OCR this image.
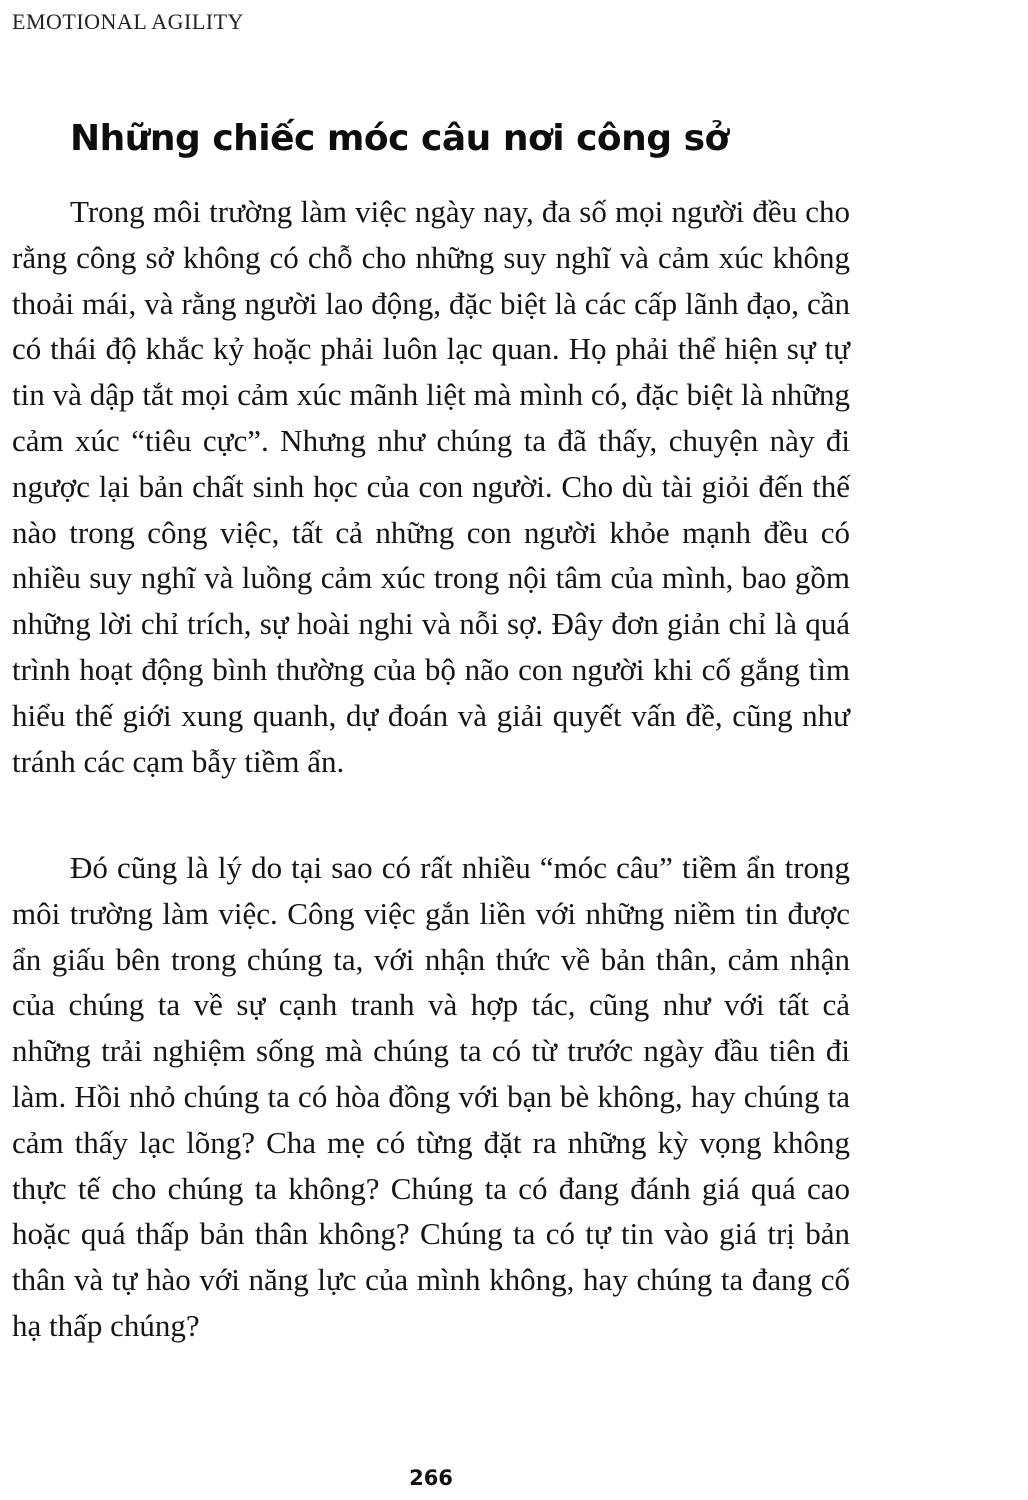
EMOTIONAL AGILITY
Những chiếc móc câu nơi công sở

Trong môi trường làm việc ngày nay, đa số mọi người đều cho rằng công sở không có chỗ cho những suy nghĩ và cảm xúc không thoải mái, và rằng người lao động, đặc biệt là các cấp lãnh đạo, cần có thái độ khắc kỷ hoặc phải luôn lạc quan. Họ phải thể hiện sự tự tin và dập tắt mọi cảm xúc mãnh liệt mà mình có, đặc biệt là những cảm xúc “tiêu cực”. Nhưng như chúng ta đã thấy, chuyện này đi ngược lại bản chất sinh học của con người. Cho dù tài giỏi đến thế nào trong công việc, tất cả những con người khỏe mạnh đều có nhiều suy nghĩ và luồng cảm xúc trong nội tâm của mình, bao gồm những lời chỉ trích, sự hoài nghi và nỗi sợ. Đây đơn giản chỉ là quá trình hoạt động bình thường của bộ não con người khi cố gắng tìm hiểu thế giới xung quanh, dự đoán và giải quyết vấn đề, cũng như tránh các cạm bẫy tiềm ẩn.

Đó cũng là lý do tại sao có rất nhiều “móc câu” tiềm ẩn trong môi trường làm việc. Công việc gắn liền với những niềm tin được ẩn giấu bên trong chúng ta, với nhận thức về bản thân, cảm nhận của chúng ta về sự cạnh tranh và hợp tác, cũng như với tất cả những trải nghiệm sống mà chúng ta có từ trước ngày đầu tiên đi làm. Hồi nhỏ chúng ta có hòa đồng với bạn bè không, hay chúng ta cảm thấy lạc lõng? Cha mẹ có từng đặt ra những kỳ vọng không thực tế cho chúng ta không? Chúng ta có đang đánh giá quá cao hoặc quá thấp bản thân không? Chúng ta có tự tin vào giá trị bản thân và tự hào với năng lực của mình không, hay chúng ta đang cố hạ thấp chúng?

266
